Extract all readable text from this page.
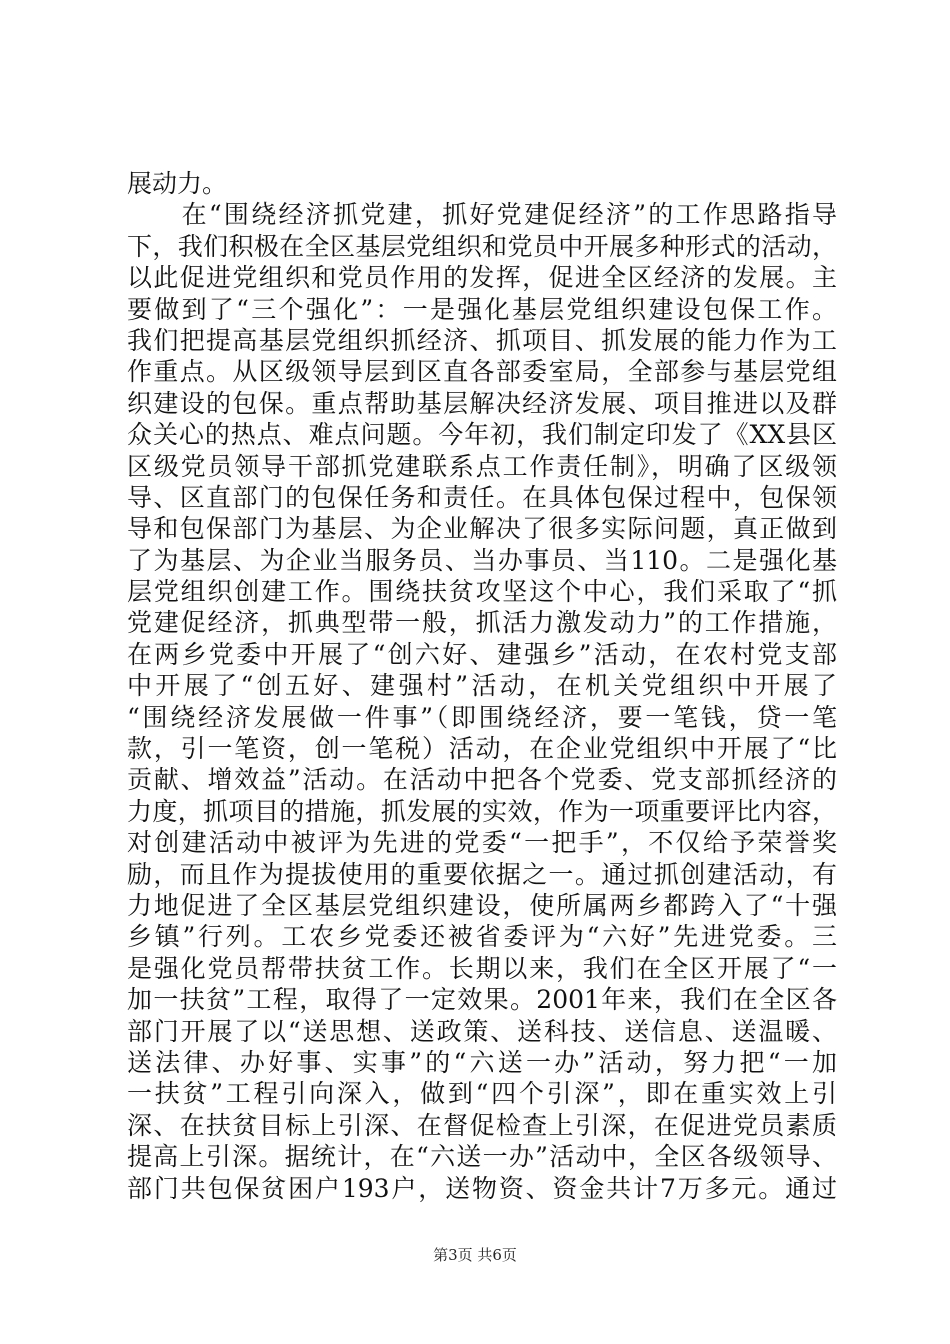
展动力。
　　在“围绕经济抓党建，抓好党建促经济”的工作思路指导
下，我们积极在全区基层党组织和党员中开展多种形式的活动，
以此促进党组织和党员作用的发挥，促进全区经济的发展。主
要做到了“三个强化”：一是强化基层党组织建设包保工作。
我们把提高基层党组织抓经济、抓项目、抓发展的能力作为工
作重点。从区级领导层到区直各部委室局，全部参与基层党组
织建设的包保。重点帮助基层解决经济发展、项目推进以及群
众关心的热点、难点问题。今年初，我们制定印发了《XX县区
区级党员领导干部抓党建联系点工作责任制》，明确了区级领
导、区直部门的包保任务和责任。在具体包保过程中，包保领
导和包保部门为基层、为企业解决了很多实际问题，真正做到
了为基层、为企业当服务员、当办事员、当110。二是强化基
层党组织创建工作。围绕扶贫攻坚这个中心，我们采取了“抓
党建促经济，抓典型带一般，抓活力激发动力”的工作措施，
在两乡党委中开展了“创六好、建强乡”活动，在农村党支部
中开展了“创五好、建强村”活动，在机关党组织中开展了
“围绕经济发展做一件事”（即围绕经济，要一笔钱，贷一笔
款，引一笔资，创一笔税）活动，在企业党组织中开展了“比
贡献、增效益”活动。在活动中把各个党委、党支部抓经济的
力度，抓项目的措施，抓发展的实效，作为一项重要评比内容，
对创建活动中被评为先进的党委“一把手”，不仅给予荣誉奖
励，而且作为提拔使用的重要依据之一。通过抓创建活动，有
力地促进了全区基层党组织建设，使所属两乡都跨入了“十强
乡镇”行列。工农乡党委还被省委评为“六好”先进党委。三
是强化党员帮带扶贫工作。长期以来，我们在全区开展了“一
加一扶贫”工程，取得了一定效果。2001年来，我们在全区各
部门开展了以“送思想、送政策、送科技、送信息、送温暖、
送法律、办好事、实事”的“六送一办”活动，努力把“一加
一扶贫”工程引向深入，做到“四个引深”，即在重实效上引
深、在扶贫目标上引深、在督促检查上引深，在促进党员素质
提高上引深。据统计，在“六送一办”活动中，全区各级领导、
部门共包保贫困户193户，送物资、资金共计7万多元。通过
第3页 共6页
